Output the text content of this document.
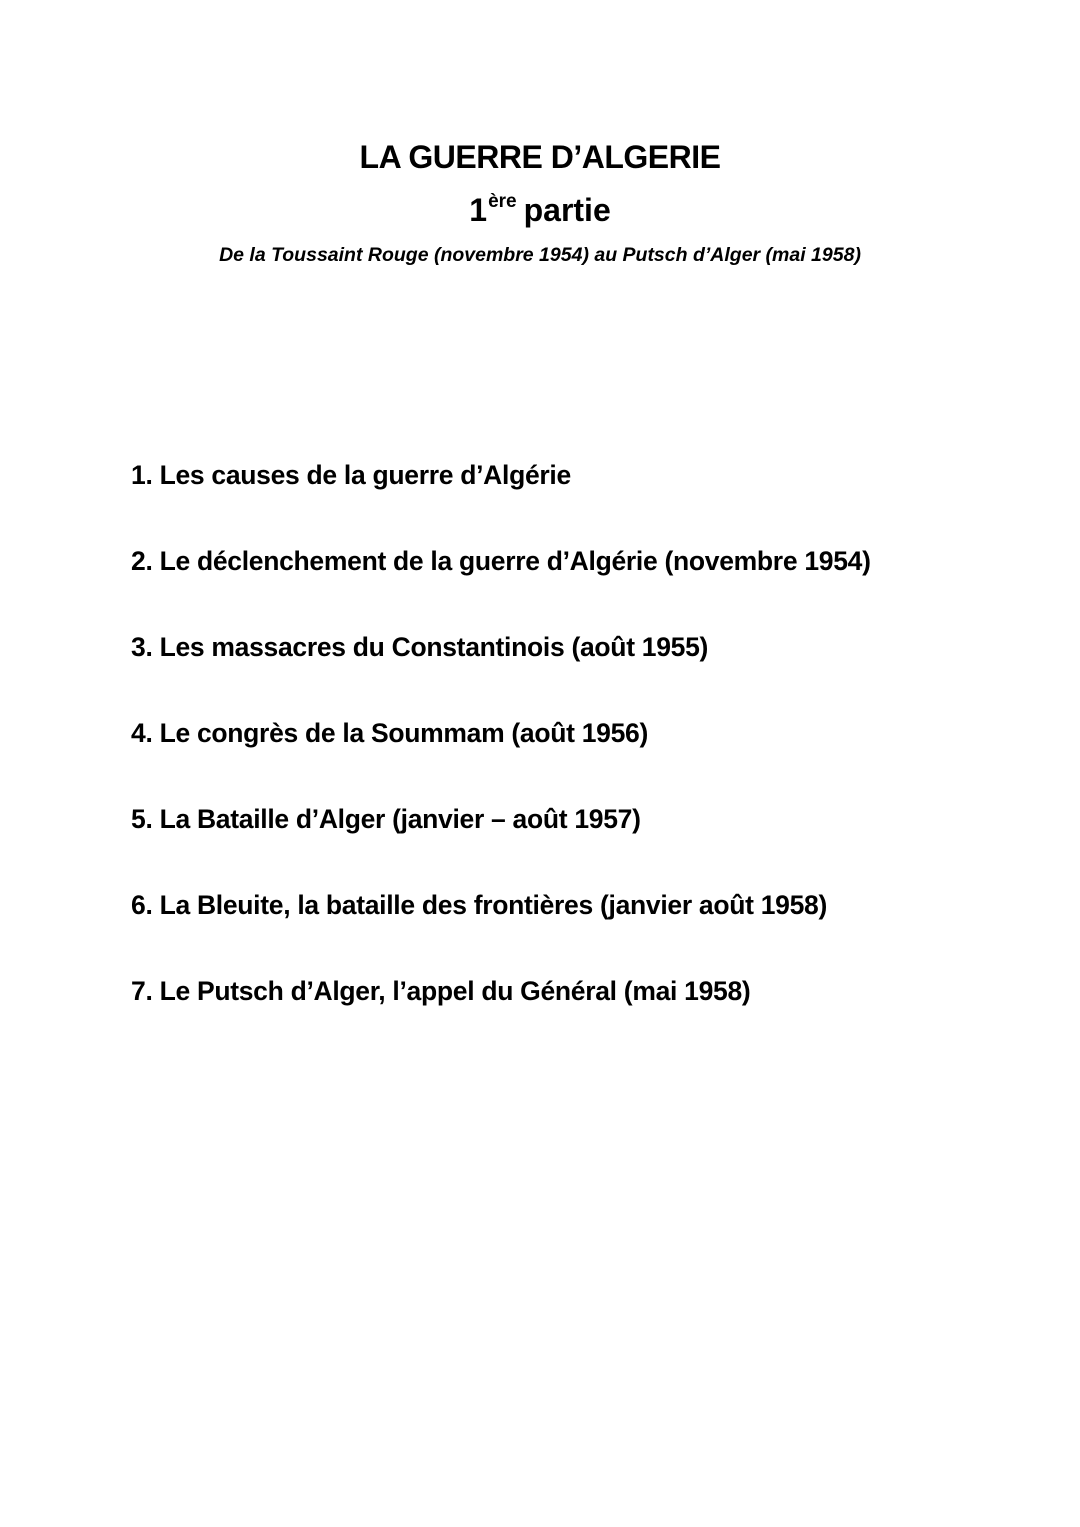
LA GUERRE D’ALGERIE
1ère partie
De la Toussaint Rouge (novembre 1954) au Putsch d’Alger (mai 1958)
1. Les causes de la guerre d’Algérie
2. Le déclenchement de la guerre d’Algérie (novembre 1954)
3. Les massacres du Constantinois (août 1955)
4. Le congrès de la Soummam (août 1956)
5. La Bataille d’Alger (janvier – août 1957)
6. La Bleuite, la bataille des frontières (janvier août 1958)
7. Le Putsch d’Alger, l’appel du Général (mai 1958)
